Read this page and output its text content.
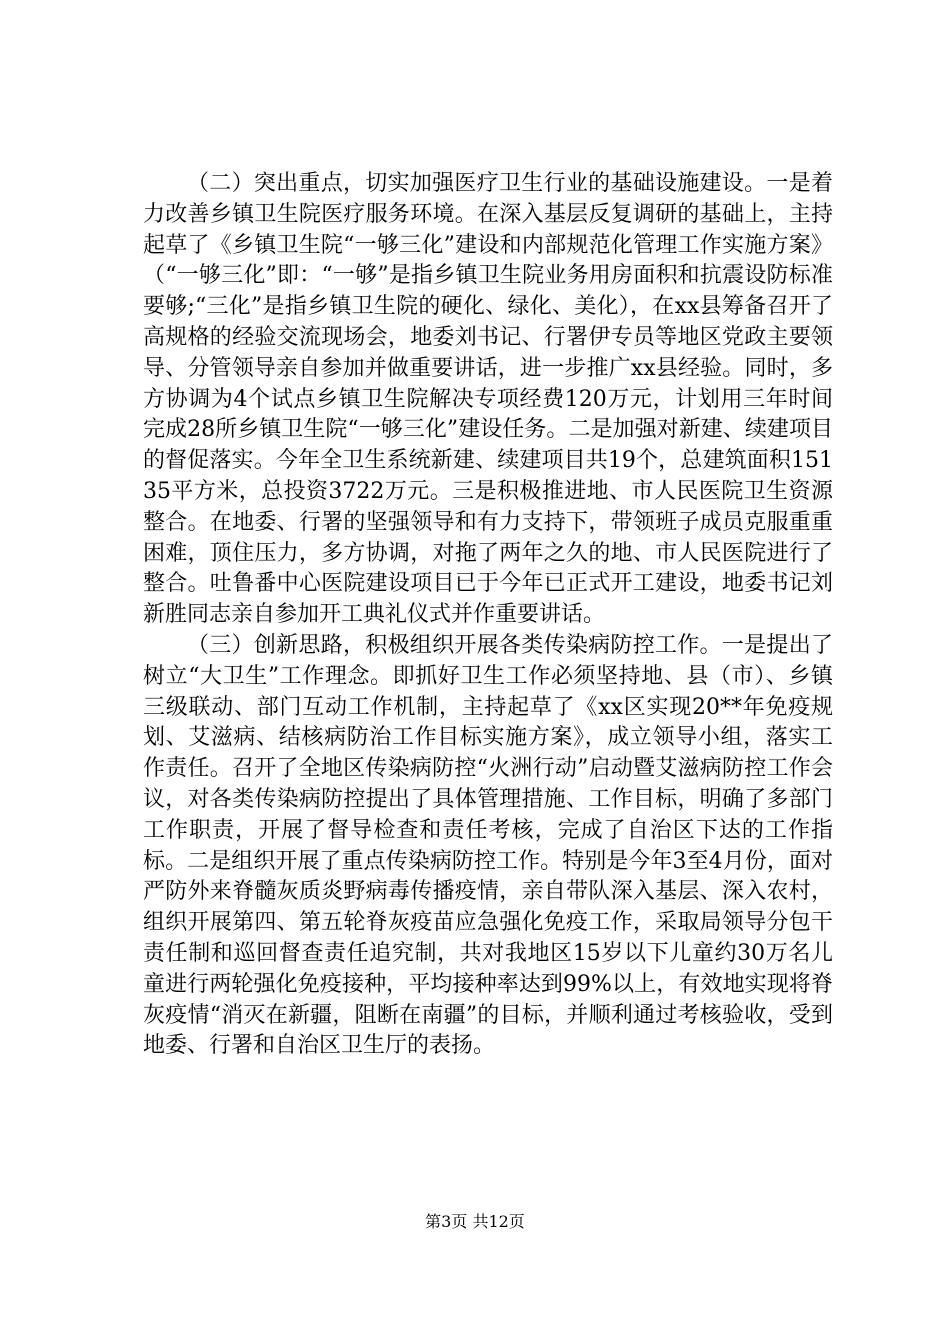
（二）突出重点，切实加强医疗卫生行业的基础设施建设。一是着力改善乡镇卫生院医疗服务环境。在深入基层反复调研的基础上，主持起草了《乡镇卫生院“一够三化”建设和内部规范化管理工作实施方案》（“一够三化”即：“一够”是指乡镇卫生院业务用房面积和抗震设防标准要够;“三化”是指乡镇卫生院的硬化、绿化、美化），在xx县筹备召开了高规格的经验交流现场会，地委刘书记、行署伊专员等地区党政主要领导、分管领导亲自参加并做重要讲话，进一步推广xx县经验。同时，多方协调为4个试点乡镇卫生院解决专项经费120万元，计划用三年时间完成28所乡镇卫生院“一够三化”建设任务。二是加强对新建、续建项目的督促落实。今年全卫生系统新建、续建项目共19个，总建筑面积15135平方米，总投资3722万元。三是积极推进地、市人民医院卫生资源整合。在地委、行署的坚强领导和有力支持下，带领班子成员克服重重困难，顶住压力，多方协调，对拖了两年之久的地、市人民医院进行了整合。吐鲁番中心医院建设项目已于今年已正式开工建设，地委书记刘新胜同志亲自参加开工典礼仪式并作重要讲话。

（三）创新思路，积极组织开展各类传染病防控工作。一是提出了树立“大卫生”工作理念。即抓好卫生工作必须坚持地、县（市）、乡镇三级联动、部门互动工作机制，主持起草了《xx区实现20**年免疫规划、艾滋病、结核病防治工作目标实施方案》，成立领导小组，落实工作责任。召开了全地区传染病防控“火洲行动”启动暨艾滋病防控工作会议，对各类传染病防控提出了具体管理措施、工作目标，明确了多部门工作职责，开展了督导检查和责任考核，完成了自治区下达的工作指标。二是组织开展了重点传染病防控工作。特别是今年3至4月份，面对严防外来脊髓灰质炎野病毒传播疫情，亲自带队深入基层、深入农村，组织开展第四、第五轮脊灰疫苗应急强化免疫工作，采取局领导分包干责任制和巡回督查责任追究制，共对我地区15岁以下儿童约30万名儿童进行两轮强化免疫接种，平均接种率达到99%以上，有效地实现将脊灰疫情“消灭在新疆，阻断在南疆”的目标，并顺利通过考核验收，受到地委、行署和自治区卫生厅的表扬。

第3页 共12页
